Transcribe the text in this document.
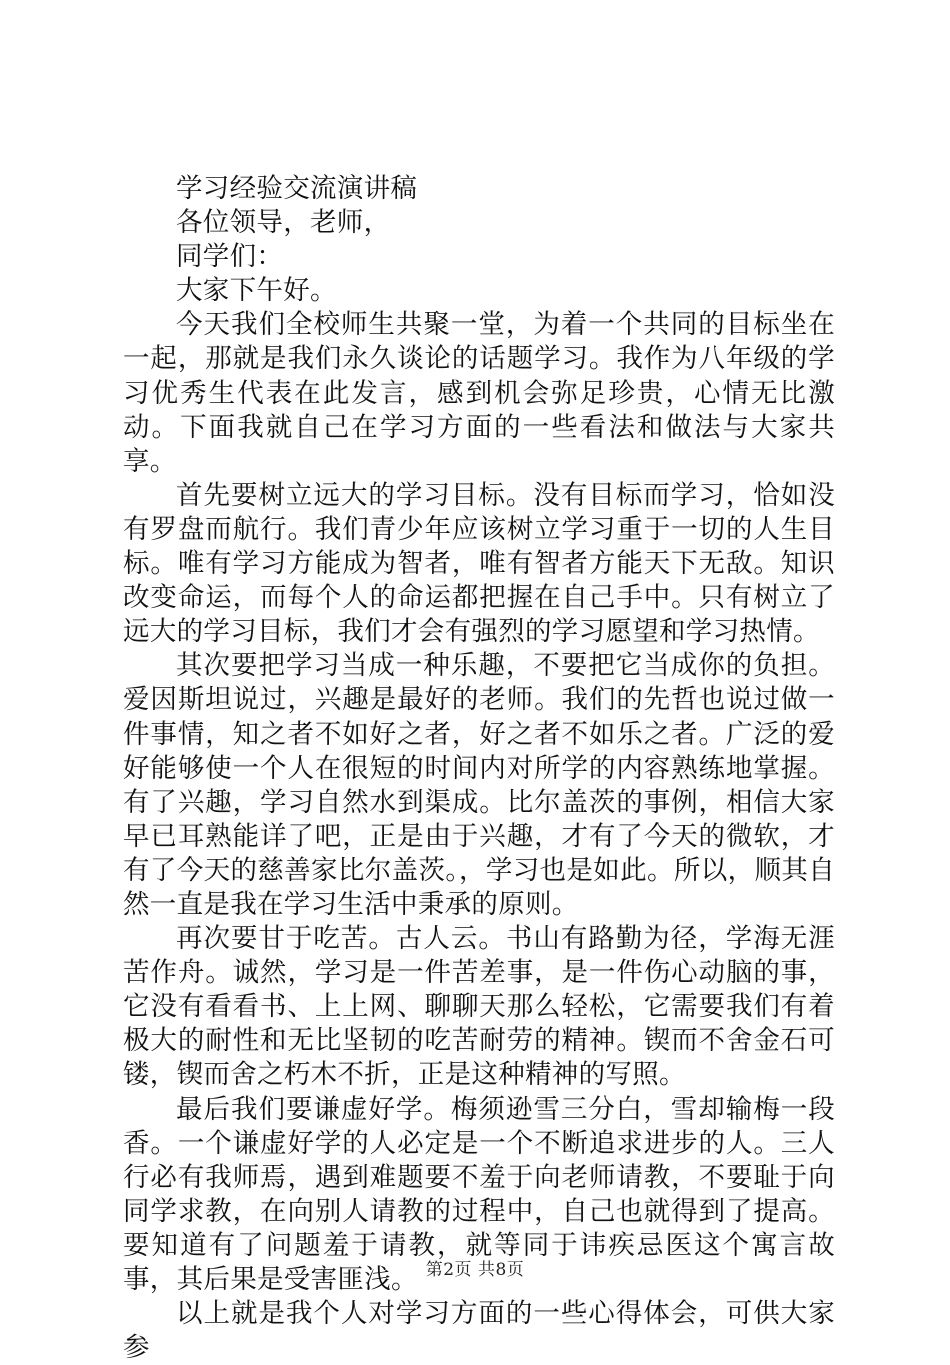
学习经验交流演讲稿

各位领导，老师，

同学们：

大家下午好。

今天我们全校师生共聚一堂，为着一个共同的目标坐在一起，那就是我们永久谈论的话题学习。我作为八年级的学习优秀生代表在此发言，感到机会弥足珍贵，心情无比激动。下面我就自己在学习方面的一些看法和做法与大家共享。

首先要树立远大的学习目标。没有目标而学习，恰如没有罗盘而航行。我们青少年应该树立学习重于一切的人生目标。唯有学习方能成为智者，唯有智者方能天下无敌。知识改变命运，而每个人的命运都把握在自己手中。只有树立了远大的学习目标，我们才会有强烈的学习愿望和学习热情。

其次要把学习当成一种乐趣，不要把它当成你的负担。爱因斯坦说过，兴趣是最好的老师。我们的先哲也说过做一件事情，知之者不如好之者，好之者不如乐之者。广泛的爱好能够使一个人在很短的时间内对所学的内容熟练地掌握。有了兴趣，学习自然水到渠成。比尔盖茨的事例，相信大家早已耳熟能详了吧，正是由于兴趣，才有了今天的微软，才有了今天的慈善家比尔盖茨。，学习也是如此。所以，顺其自然一直是我在学习生活中秉承的原则。

再次要甘于吃苦。古人云。书山有路勤为径，学海无涯苦作舟。诚然，学习是一件苦差事，是一件伤心动脑的事，它没有看看书、上上网、聊聊天那么轻松，它需要我们有着极大的耐性和无比坚韧的吃苦耐劳的精神。锲而不舍金石可镂，锲而舍之朽木不折，正是这种精神的写照。

最后我们要谦虚好学。梅须逊雪三分白，雪却输梅一段香。一个谦虚好学的人必定是一个不断追求进步的人。三人行必有我师焉，遇到难题要不羞于向老师请教，不要耻于向同学求教，在向别人请教的过程中，自己也就得到了提高。要知道有了问题羞于请教，就等同于讳疾忌医这个寓言故事，其后果是受害匪浅。

以上就是我个人对学习方面的一些心得体会，可供大家参

第2页 共8页
